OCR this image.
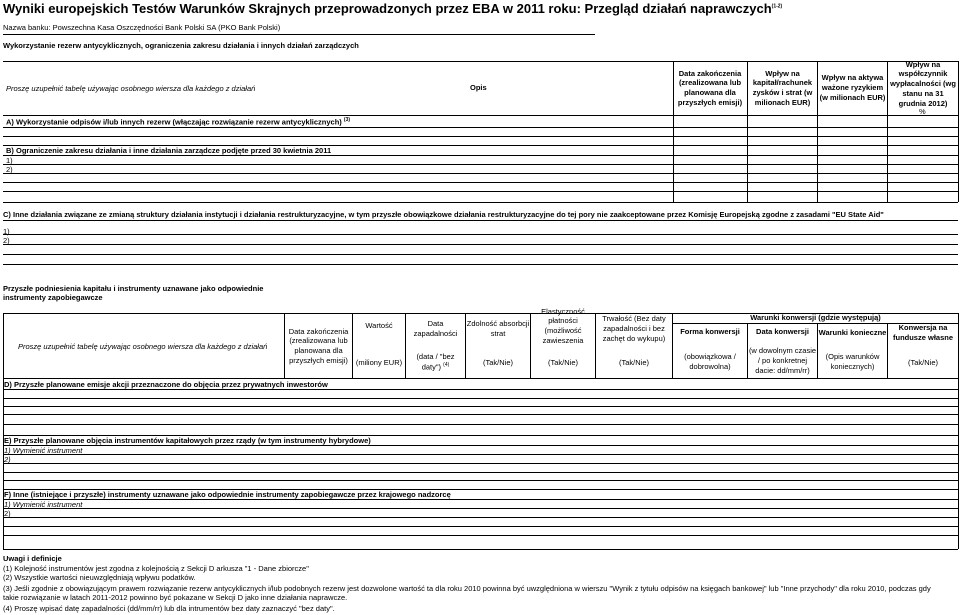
Wyniki europejskich Testów Warunków Skrajnych przeprowadzonych przez EBA w 2011 roku: Przegląd działań naprawczych$^{(1-2)}$
Nazwa banku: Powszechna Kasa Oszczędności Bank Polski SA (PKO Bank Polski)
Wykorzystanie rezerw antycyklicznych, ograniczenia zakresu działania i innych działań zarządczych
Proszę uzupełnić tabelę używając osobnego wiersza dla każdego z działań	Opis
Data zakończenia (zrealizowana lub planowana dla przyszłych emisji)
Wpływ na kapitał/rachunek zysków i strat (w milionach EUR)
Wpływ na aktywa ważone ryzykiem (w milionach EUR)
Wpływ na współczynnik wypłacalności (wg stanu na 31 grudnia 2012)
%
A) Wykorzystanie odpisów i/lub innych rezerw (włączając rozwiązanie rezerw antycyklicznych) $^{(3)}$
B) Ograniczenie zakresu działania i inne działania zarządcze podjęte przed 30 kwietnia 2011
1)
2)
C) Inne działania związane ze zmianą struktury działania instytucji i działania restrukturyzacyjne, w tym przyszłe obowiązkowe działania restrukturyzacyjne do tej pory nie zaakceptowane przez Komisję Europejską zgodne z zasadami "EU State Aid"
1)
2)
Przyszłe podniesienia kapitału i instrumenty uznawane jako odpowiednie instrumenty zapobiegawcze
Proszę uzupełnić tabelę używając osobnego wiersza dla każdego z działań
Data zakończenia (zrealizowana lub planowana dla przyszłych emisji)
Wartość
(miliony EUR)
Data zapadalności
(data / "bez daty") $^{(4)}$
Zdolność absorbcji strat
(Tak/Nie)
Elastyczność płatności (możliwość zawieszenia
(Tak/Nie)
Trwałość (Bez daty zapadalności i bez zachęt do wykupu)
(Tak/Nie)
Warunki konwersji (gdzie występują)
Forma konwersji
(obowiązkowa / dobrowolna)
Data konwersji
(w dowolnym czasie / po konkretnej dacie: dd/mm/rr)
Warunki konieczne
(Opis warunków koniecznych)
Konwersja na fundusze własne
(Tak/Nie)
D) Przyszłe planowane emisje akcji przeznaczone do objęcia przez prywatnych inwestorów
E) Przyszłe planowane objęcia instrumentów kapitałowych przez rządy (w tym instrumenty hybrydowe)
1) Wymienić instrument
2)
F) Inne (istniejące i przyszłe) instrumenty uznawane jako odpowiednie instrumenty zapobiegawcze przez krajowego nadzorcę
1) Wymienić instrument
2)
Uwagi i definicje
(1) Kolejność instrumentów jest zgodna z kolejnością z Sekcji D arkusza "1 - Dane zbiorcze"
(2) Wszystkie wartości nieuwzględniają wpływu podatków.
(3) Jeśli zgodnie z obowiązującym prawem rozwiązanie rezerw antycyklicznych i/lub podobnych rezerw jest dozwolone wartość ta dla roku 2010 powinna być uwzględniona w wierszu "Wynik z tytułu odpisów na księgach bankowej" lub "Inne przychody" dla roku 2010, podczas gdy takie rozwiązanie w latach 2011-2012 powinno być pokazane w Sekcji D jako inne działania naprawcze.
(4) Proszę wpisać datę zapadalności (dd/mm/rr) lub dla intrumentów bez daty zaznaczyć "bez daty".
